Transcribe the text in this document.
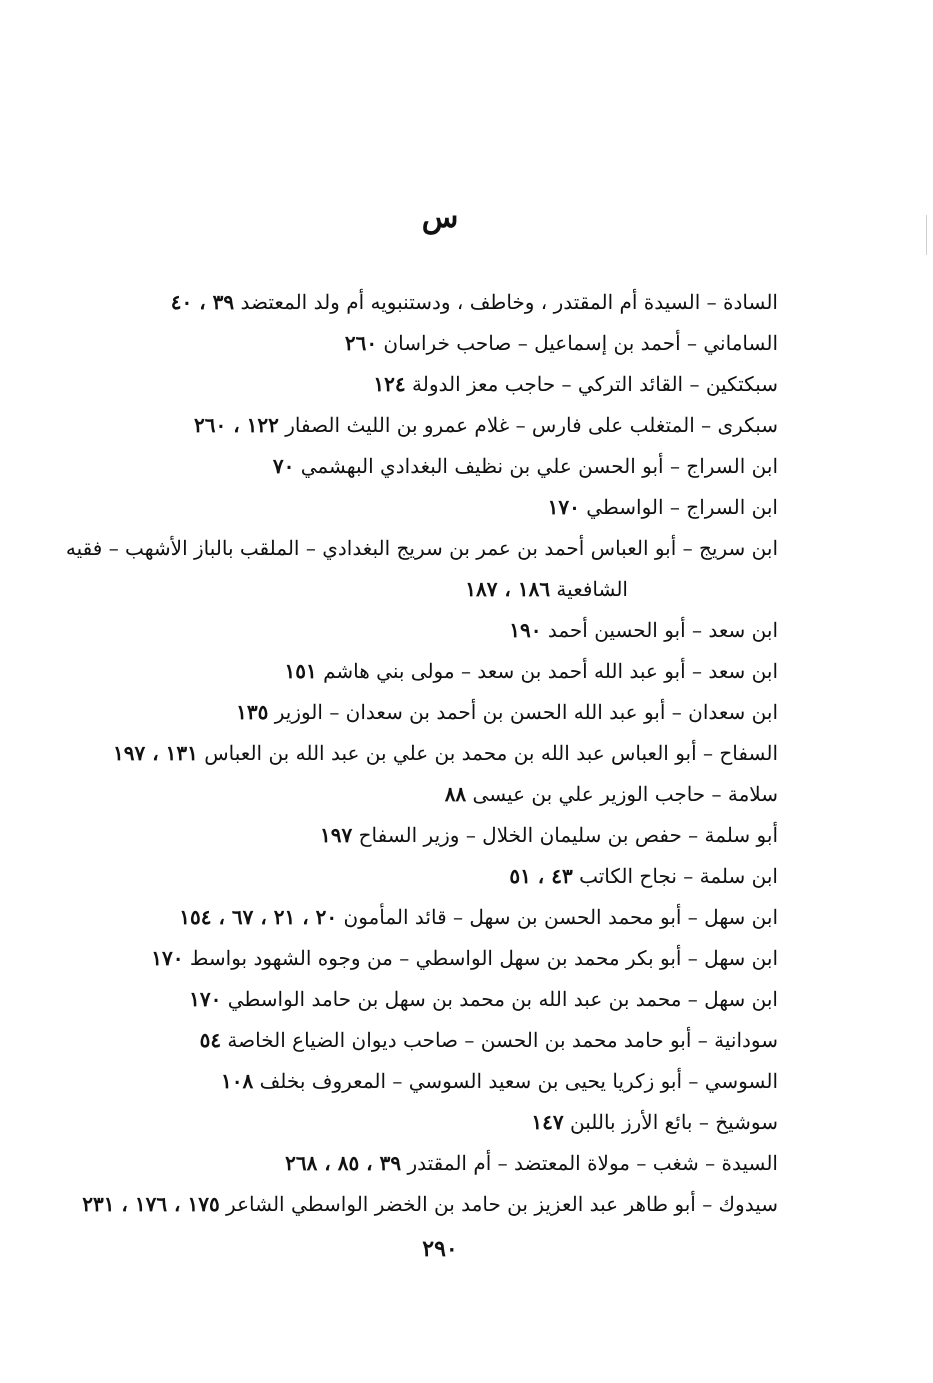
س
السادة – السيدة أم المقتدر ، وخاطف ، ودستنبويه أم ولد المعتضد ٣٩ ، ٤٠
الساماني – أحمد بن إسماعيل – صاحب خراسان ٢٦٠
سبكتكين – القائد التركي – حاجب معز الدولة ١٢٤
سبكرى – المتغلب على فارس – غلام عمرو بن الليث الصفار ١٢٢ ، ٢٦٠
ابن السراج – أبو الحسن علي بن نظيف البغدادي البهشمي ٧٠
ابن السراج – الواسطي ١٧٠
ابن سريج – أبو العباس أحمد بن عمر بن سريج البغدادي – الملقب بالباز الأشهب – فقيه
الشافعية ١٨٦ ، ١٨٧
ابن سعد – أبو الحسين أحمد ١٩٠
ابن سعد – أبو عبد الله أحمد بن سعد – مولى بني هاشم ١٥١
ابن سعدان – أبو عبد الله الحسن بن أحمد بن سعدان – الوزير ١٣٥
السفاح – أبو العباس عبد الله بن محمد بن علي بن عبد الله بن العباس ١٣١ ، ١٩٧
سلامة – حاجب الوزير علي بن عيسى ٨٨
أبو سلمة – حفص بن سليمان الخلال – وزير السفاح ١٩٧
ابن سلمة – نجاح الكاتب ٤٣ ، ٥١
ابن سهل – أبو محمد الحسن بن سهل – قائد المأمون ٢٠ ، ٢١ ، ٦٧ ، ١٥٤
ابن سهل – أبو بكر محمد بن سهل الواسطي – من وجوه الشهود بواسط ١٧٠
ابن سهل – محمد بن عبد الله بن محمد بن سهل بن حامد الواسطي ١٧٠
سودانية – أبو حامد محمد بن الحسن – صاحب ديوان الضياع الخاصة ٥٤
السوسي – أبو زكريا يحيى بن سعيد السوسي – المعروف بخلف ١٠٨
سوشيخ – بائع الأرز باللبن ١٤٧
السيدة – شغب – مولاة المعتضد – أم المقتدر ٣٩ ، ٨٥ ، ٢٦٨
سيدوك – أبو طاهر عبد العزيز بن حامد بن الخضر الواسطي الشاعر ١٧٥ ، ١٧٦ ، ٢٣١
٢٩٠
